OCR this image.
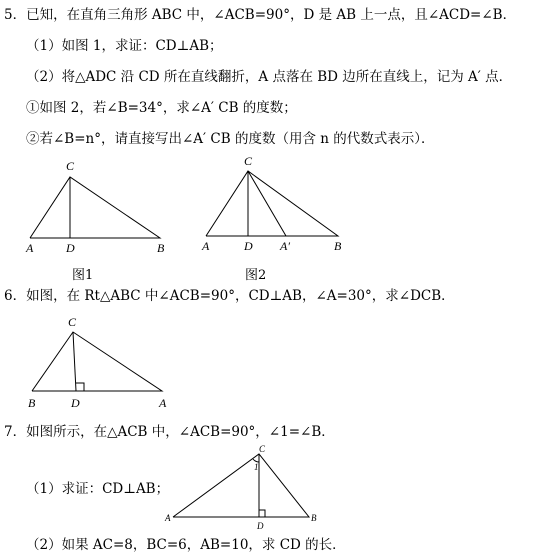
5．已知，在直角三角形 ABC 中，∠ACB=90°，D 是 AB 上一点，且∠ACD=∠B．
（1）如图 1，求证：CD⊥AB；
（2）将△ADC 沿 CD 所在直线翻折，A 点落在 BD 边所在直线上，记为 A′ 点．
①如图 2，若∠B=34°，求∠A′ CB 的度数；
②若∠B=n°，请直接写出∠A′ CB 的度数（用含 n 的代数式表示）．
C
A	D	B
图1
C
A	D A′	B
图2
6．如图，在 Rt△ABC 中∠ACB=90°，CD⊥AB，∠A=30°，求∠DCB．
C
B	D	A
7．如图所示，在△ACB 中，∠ACB=90°，∠1=∠B．
（1）求证：CD⊥AB；
（2）如果 AC=8，BC=6，AB=10，求 CD 的长．
C
1
A
D
B
